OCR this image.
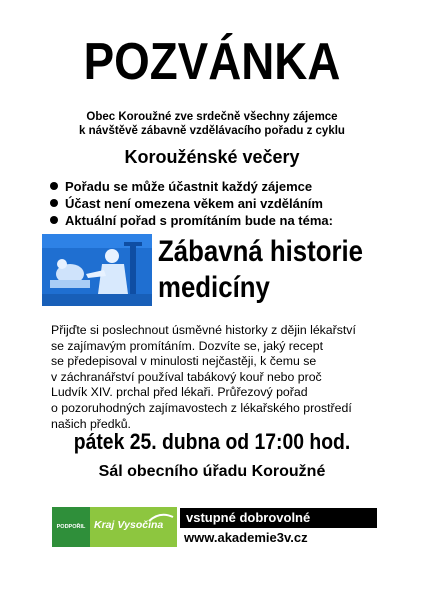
POZVÁNKA
Obec Koroužné zve srdečně všechny zájemce
k návštěvě zábavně vzdělávacího pořadu z cyklu
Koroužénské večery
Pořadu se může účastnit každý zájemce
Účast není omezena věkem ani vzděláním
Aktuální pořad s promítáním bude na téma:
Zábavná historie
medicíny
Přijďte si poslechnout úsměvné historky z dějin lékařství
se zajímavým promítáním. Dozvíte se, jaký recept
se předepisoval v minulosti nejčastěji, k čemu se
v záchranářství používal tabákový kouř nebo proč
Ludvík XIV. prchal před lékaři. Průřezový pořad
o pozoruhodných zajímavostech z lékařského prostředí
našich předků.
pátek 25. dubna od 17:00 hod.
Sál obecního úřadu Koroužné
PODPOŘIL Kraj Vysočina	vstupné dobrovolné
www.akademie3v.cz
